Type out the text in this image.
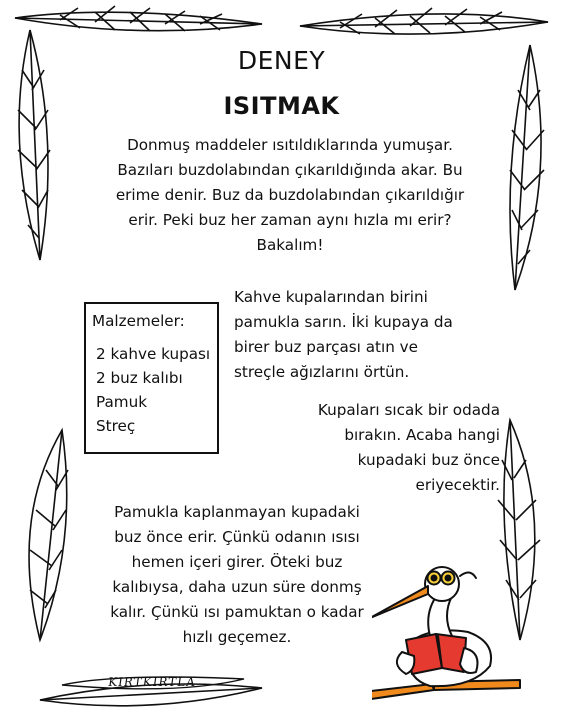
DENEY
ISITMAK
Donmuş maddeler ısıtıldıklarında yumuşar.
Bazıları buzdolabından çıkarıldığında akar. Bu
erime denir. Buz da buzdolabından çıkarıldığır
erir. Peki buz her zaman aynı hızla mı erir?
Bakalım!
Malzemeler:
2 kahve kupası
2 buz kalıbı
Pamuk
Streç
Kahve kupalarından birini
pamukla sarın. İki kupaya da
birer buz parçası atın ve
streçle ağızlarını örtün.
Kupaları sıcak bir odada
bırakın. Acaba hangi
kupadaki buz önce
eriyecektir.
Pamukla kaplanmayan kupadaki
buz önce erir. Çünkü odanın ısısı
hemen içeri girer. Öteki buz
kalıbıysa, daha uzun süre donmş
kalır. Çünkü ısı pamuktan o kadar
hızlı geçemez.
KIRTKIRTLA
